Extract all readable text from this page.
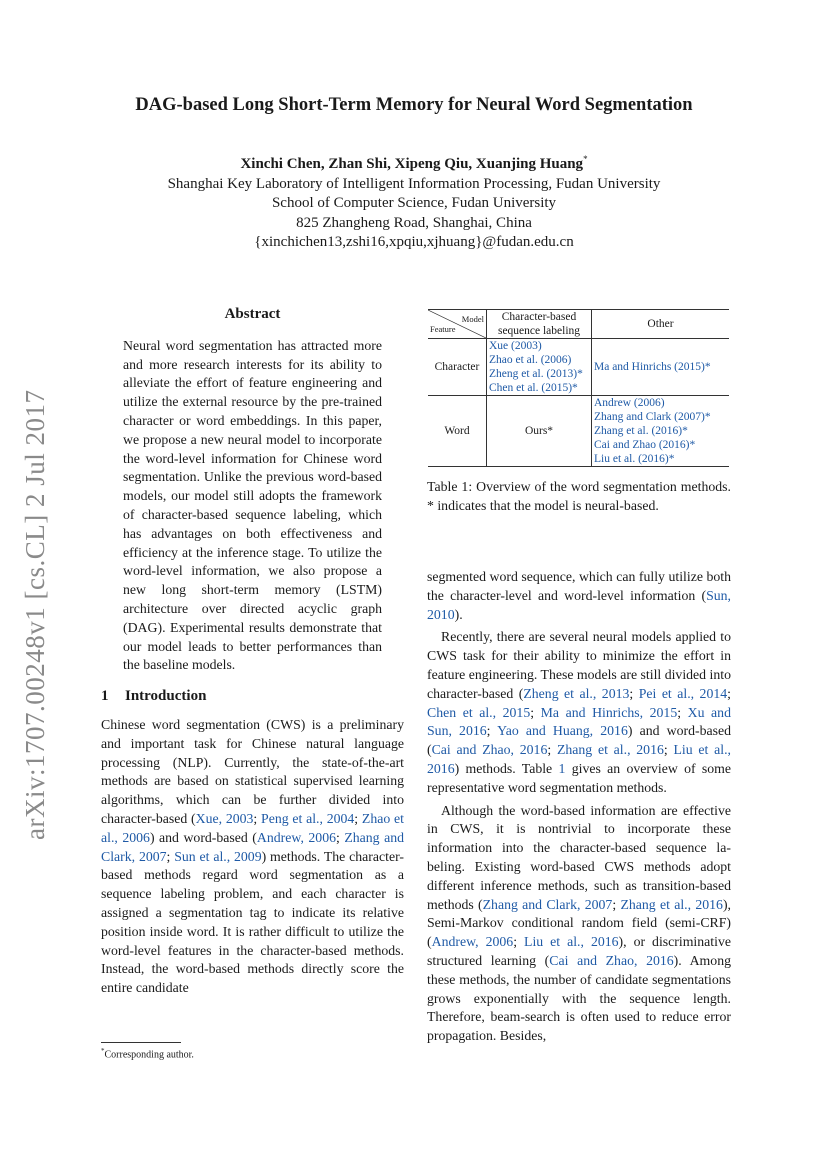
DAG-based Long Short-Term Memory for Neural Word Segmentation
Xinchi Chen, Zhan Shi, Xipeng Qiu, Xuanjing Huang*
Shanghai Key Laboratory of Intelligent Information Processing, Fudan University
School of Computer Science, Fudan University
825 Zhangheng Road, Shanghai, China
{xinchichen13,zshi16,xpqiu,xjhuang}@fudan.edu.cn
arXiv:1707.00248v1 [cs.CL] 2 Jul 2017
Abstract
Neural word segmentation has attracted more and more research interests for its ability to alleviate the effort of feature engineering and utilize the external resource by the pre-trained character or word embeddings. In this paper, we propose a new neural model to incorporate the word-level information for Chinese word segmentation. Unlike the previous word-based models, our model still adopts the framework of character-based sequence labeling, which has advantages on both effectiveness and efficiency at the inference stage. To utilize the word-level information, we also propose a new long short-term memory (LSTM) architecture over directed acyclic graph (DAG). Experimental results demonstrate that our model leads to better performances than the baseline models.
1 Introduction

Chinese word segmentation (CWS) is a preliminary and important task for Chinese natural language processing (NLP). Currently, the state-of-the-art methods are based on statistical supervised learning algorithms, which can be further divided into character-based (Xue, 2003; Peng et al., 2004; Zhao et al., 2006) and word-based (Andrew, 2006; Zhang and Clark, 2007; Sun et al., 2009) methods. The character-based methods regard word segmentation as a sequence labeling problem, and each character is assigned a segmentation tag to indicate its relative position inside word. It is rather difficult to utilize the word-level features in the character-based methods. Instead, the word-based methods directly score the entire candidate

*Corresponding author.
Model
Feature	Character-based sequence labeling	Other
Character	Xue (2003)
Zhao et al. (2006)
Zheng et al. (2013)*
Chen et al. (2015)*	Ma and Hinrichs (2015)*
Word	Ours*	Andrew (2006)
Zhang and Clark (2007)*
Zhang et al. (2016)*
Cai and Zhao (2016)*
Liu et al. (2016)*
Table 1: Overview of the word segmentation methods. * indicates that the model is neural-based.

segmented word sequence, which can fully utilize both the character-level and word-level information (Sun, 2010).

Recently, there are several neural models applied to CWS task for their ability to minimize the effort in feature engineering. These models are still divided into character-based (Zheng et al., 2013; Pei et al., 2014; Chen et al., 2015; Ma and Hinrichs, 2015; Xu and Sun, 2016; Yao and Huang, 2016) and word-based (Cai and Zhao, 2016; Zhang et al., 2016; Liu et al., 2016) methods. Table 1 gives an overview of some representative word segmentation methods.

Although the word-based information are effective in CWS, it is nontrivial to incorporate these information into the character-based sequence labeling. Existing word-based CWS methods adopt different inference methods, such as transition-based methods (Zhang and Clark, 2007; Zhang et al., 2016), Semi-Markov conditional random field (semi-CRF) (Andrew, 2006; Liu et al., 2016), or discriminative structured learning (Cai and Zhao, 2016). Among these methods, the number of candidate segmentations grows exponentially with the sequence length. Therefore, beam-search is often used to reduce error propagation. Besides,
